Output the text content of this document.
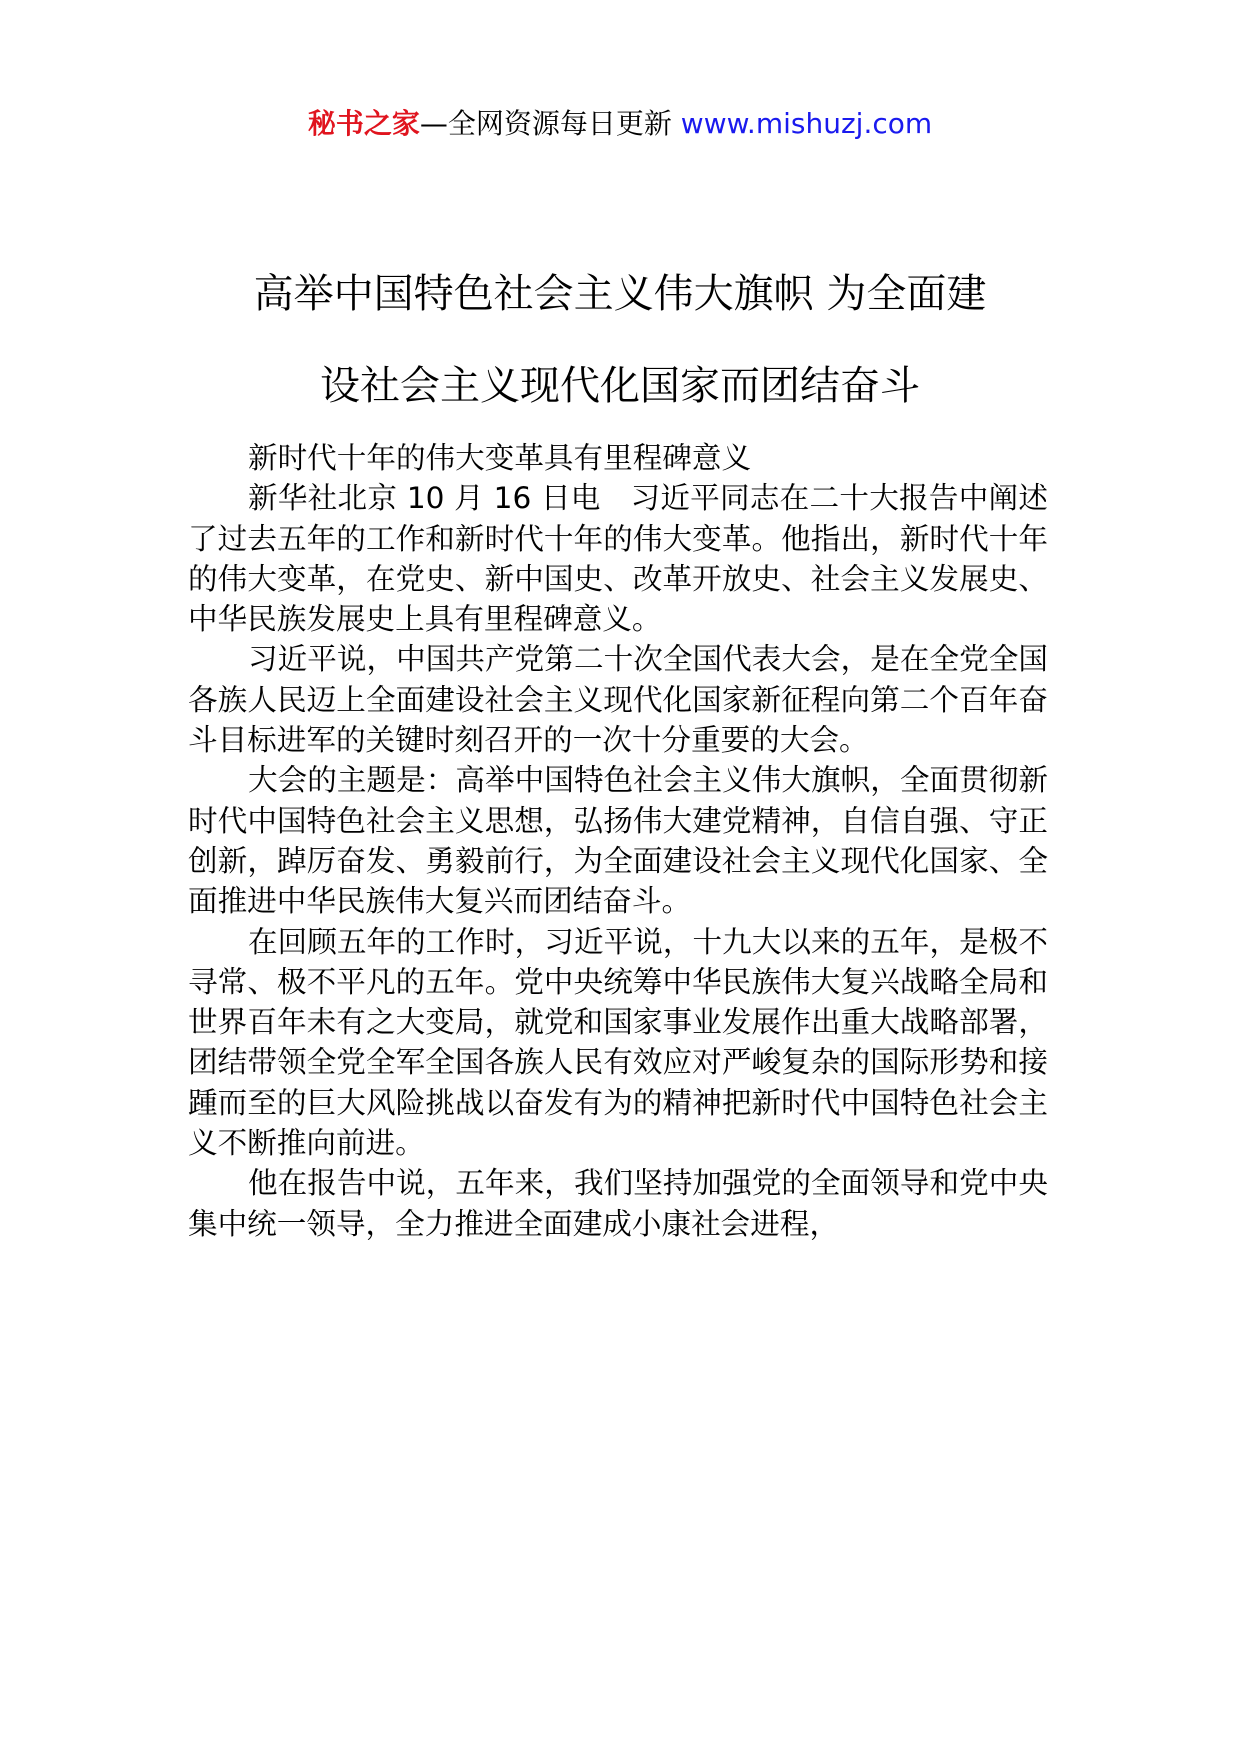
秘书之家—全网资源每日更新 www.mishuzj.com
高举中国特色社会主义伟大旗帜 为全面建
设社会主义现代化国家而团结奋斗

新时代十年的伟大变革具有里程碑意义

新华社北京 10 月 16 日电　习近平同志在二十大报告中阐述了过去五年的工作和新时代十年的伟大变革。他指出，新时代十年的伟大变革，在党史、新中国史、改革开放史、社会主义发展史、中华民族发展史上具有里程碑意义。

习近平说，中国共产党第二十次全国代表大会，是在全党全国各族人民迈上全面建设社会主义现代化国家新征程向第二个百年奋斗目标进军的关键时刻召开的一次十分重要的大会。

大会的主题是：高举中国特色社会主义伟大旗帜，全面贯彻新时代中国特色社会主义思想，弘扬伟大建党精神，自信自强、守正创新，踔厉奋发、勇毅前行，为全面建设社会主义现代化国家、全面推进中华民族伟大复兴而团结奋斗。

在回顾五年的工作时，习近平说，十九大以来的五年，是极不寻常、极不平凡的五年。党中央统筹中华民族伟大复兴战略全局和世界百年未有之大变局，就党和国家事业发展作出重大战略部署，团结带领全党全军全国各族人民有效应对严峻复杂的国际形势和接踵而至的巨大风险挑战以奋发有为的精神把新时代中国特色社会主义不断推向前进。

他在报告中说，五年来，我们坚持加强党的全面领导和党中央集中统一领导，全力推进全面建成小康社会进程，
